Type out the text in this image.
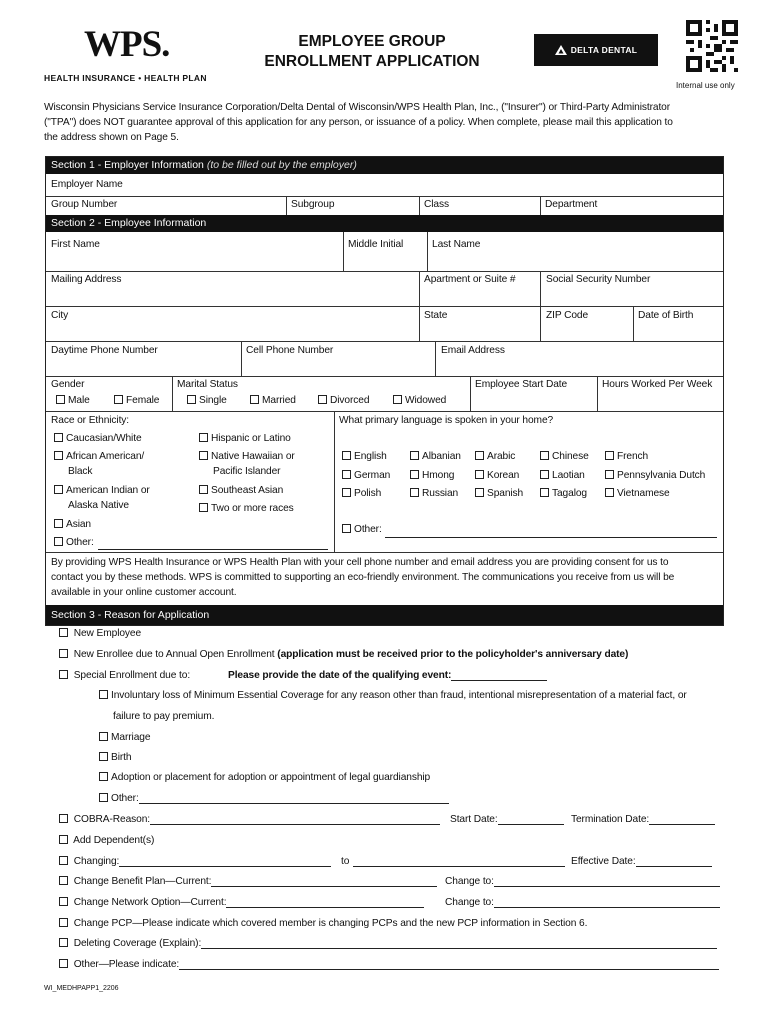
WPS.
HEALTH INSURANCE • HEALTH PLAN
EMPLOYEE GROUP
ENROLLMENT APPLICATION
DELTA DENTAL
Internal use only
Wisconsin Physicians Service Insurance Corporation/Delta Dental of Wisconsin/WPS Health Plan, Inc., ("Insurer") or Third-Party Administrator
("TPA") does NOT guarantee approval of this application for any person, or issuance of a policy. When complete, please mail this application to
the address shown on Page 5.
Section 1 - Employer Information (to be filled out by the employer)
Employer Name
Group Number	Subgroup	Class	Department
Section 2 - Employee Information
First Name	Middle Initial	Last Name
Mailing Address	Apartment or Suite #	Social Security Number
City	State	ZIP Code	Date of Birth
Daytime Phone Number	Cell Phone Number	Email Address
Gender
Male	Female
Marital Status
Single	Married	Divorced	Widowed
Employee Start Date	Hours Worked Per Week
Race or Ethnicity:
Caucasian/White
African American/
Black
American Indian or
Alaska Native
Asian
Other:
Hispanic or Latino
Native Hawaiian or
Pacific Islander
Southeast Asian
Two or more races
What primary language is spoken in your home?
English	Albanian	Arabic	Chinese	French
German	Hmong	Korean	Laotian	Pennsylvania Dutch
Polish	Russian	Spanish	Tagalog	Vietnamese
Other:
By providing WPS Health Insurance or WPS Health Plan with your cell phone number and email address you are providing consent for us to
contact you by these methods. WPS is committed to supporting an eco-friendly environment. The communications you receive from us will be
available in your online customer account.
Section 3 - Reason for Application
New Employee
New Enrollee due to Annual Open Enrollment (application must be received prior to the policyholder's anniversary date)
Special Enrollment due to:	Please provide the date of the qualifying event:
Involuntary loss of Minimum Essential Coverage for any reason other than fraud, intentional misrepresentation of a material fact, or
failure to pay premium.
Marriage
Birth
Adoption or placement for adoption or appointment of legal guardianship
Other:
COBRA-Reason:	Start Date:	Termination Date:
Add Dependent(s)
Changing:	to	Effective Date:
Change Benefit Plan—Current:	Change to:
Change Network Option—Current:	Change to:
Change PCP—Please indicate which covered member is changing PCPs and the new PCP information in Section 6.
Deleting Coverage (Explain):
Other—Please indicate:
WI_MEDHPAPP1_2206
